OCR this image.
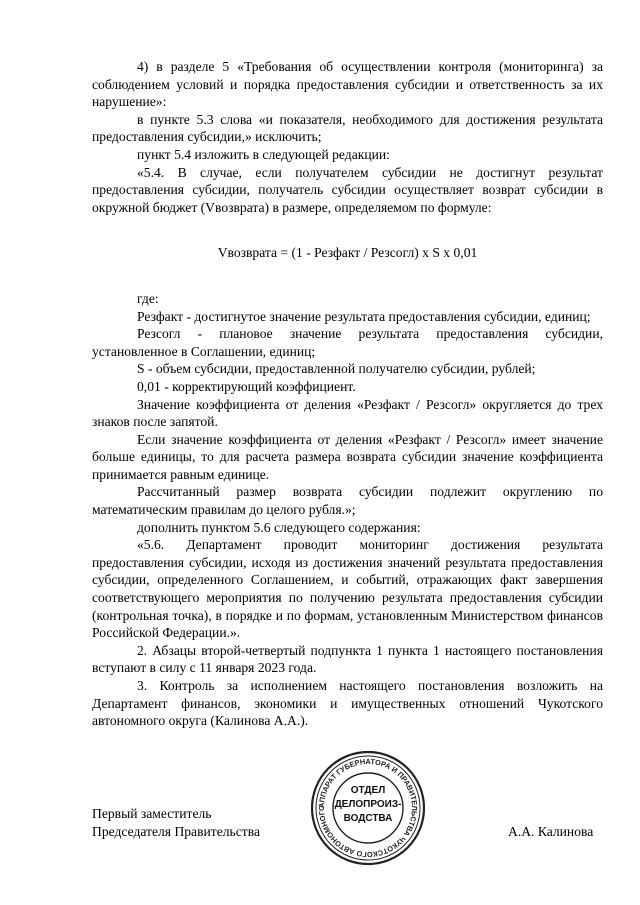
4) в разделе 5 «Требования об осуществлении контроля (мониторинга) за соблюдением условий и порядка предоставления субсидии и ответственность за их нарушение»:

в пункте 5.3 слова «и показателя, необходимого для достижения результата предоставления субсидии,» исключить;

пункт 5.4 изложить в следующей редакции:

«5.4. В случае, если получателем субсидии не достигнут результат предоставления субсидии, получатель субсидии осуществляет возврат субсидии в окружной бюджет (Vвозврата) в размере, определяемом по формуле:

Vвозврата = (1 - Резфакт / Резсогл) x S x 0,01

где:

Резфакт - достигнутое значение результата предоставления субсидии, единиц;

Резсогл - плановое значение результата предоставления субсидии, установленное в Соглашении, единиц;

S - объем субсидии, предоставленной получателю субсидии, рублей;

0,01 - корректирующий коэффициент.

Значение коэффициента от деления «Резфакт / Резсогл» округляется до трех знаков после запятой.

Если значение коэффициента от деления «Резфакт / Резсогл» имеет значение больше единицы, то для расчета размера возврата субсидии значение коэффициента принимается равным единице.

Рассчитанный размер возврата субсидии подлежит округлению по математическим правилам до целого рубля.»;

дополнить пунктом 5.6 следующего содержания:

«5.6. Департамент проводит мониторинг достижения результата предоставления субсидии, исходя из достижения значений результата предоставления субсидии, определенного Соглашением, и событий, отражающих факт завершения соответствующего мероприятия по получению результата предоставления субсидии (контрольная точка), в порядке и по формам, установленным Министерством финансов Российской Федерации.».

2. Абзацы второй-четвертый подпункта 1 пункта 1 настоящего постановления вступают в силу с 11 января 2023 года.

3. Контроль за исполнением настоящего постановления возложить на Департамент финансов, экономики и имущественных отношений Чукотского автономного округа (Калинова А.А.).

Первый заместитель
Председателя Правительства
АППАРАТ ГУБЕРНАТОРА И ПРАВИТЕЛЬСТВА ЧУКОТСКОГО АВТОНОМНОГО
ОТДЕЛ
ДЕЛОПРОИЗ-
ВОДСТВА
А.А. Калинова
